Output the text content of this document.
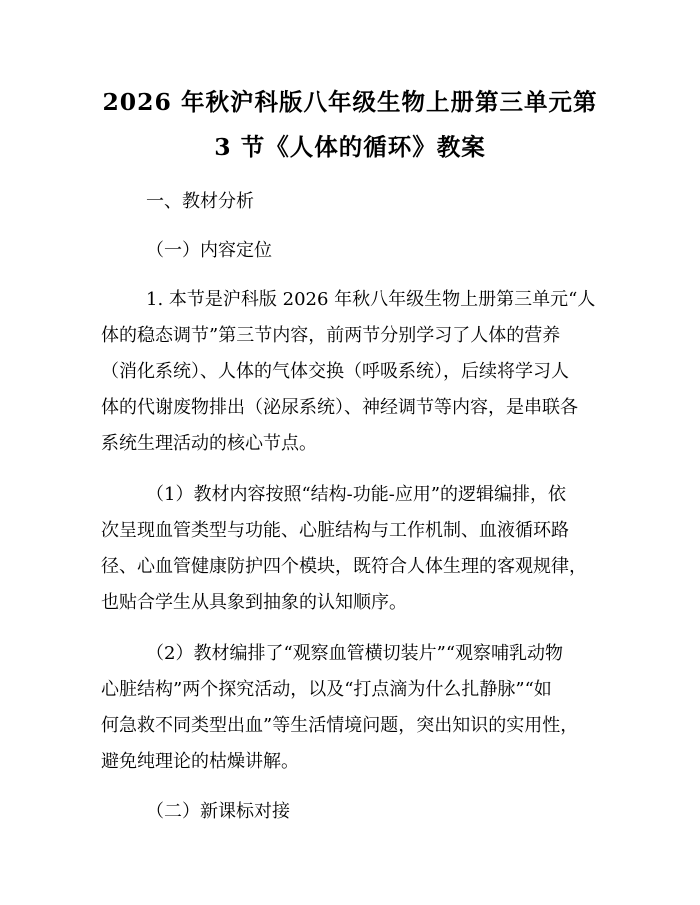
2026 年秋沪科版八年级生物上册第三单元第
3 节《人体的循环》教案
一、教材分析
（一）内容定位
1. 本节是沪科版 2026 年秋八年级生物上册第三单元“人
体的稳态调节”第三节内容，前两节分别学习了人体的营养
（消化系统）、人体的气体交换（呼吸系统），后续将学习人
体的代谢废物排出（泌尿系统）、神经调节等内容，是串联各
系统生理活动的核心节点。
（1）教材内容按照“结构-功能-应用”的逻辑编排，依
次呈现血管类型与功能、心脏结构与工作机制、血液循环路
径、心血管健康防护四个模块，既符合人体生理的客观规律，
也贴合学生从具象到抽象的认知顺序。
（2）教材编排了“观察血管横切装片”“观察哺乳动物
心脏结构”两个探究活动，以及“打点滴为什么扎静脉”“如
何急救不同类型出血”等生活情境问题，突出知识的实用性，
避免纯理论的枯燥讲解。
（二）新课标对接
